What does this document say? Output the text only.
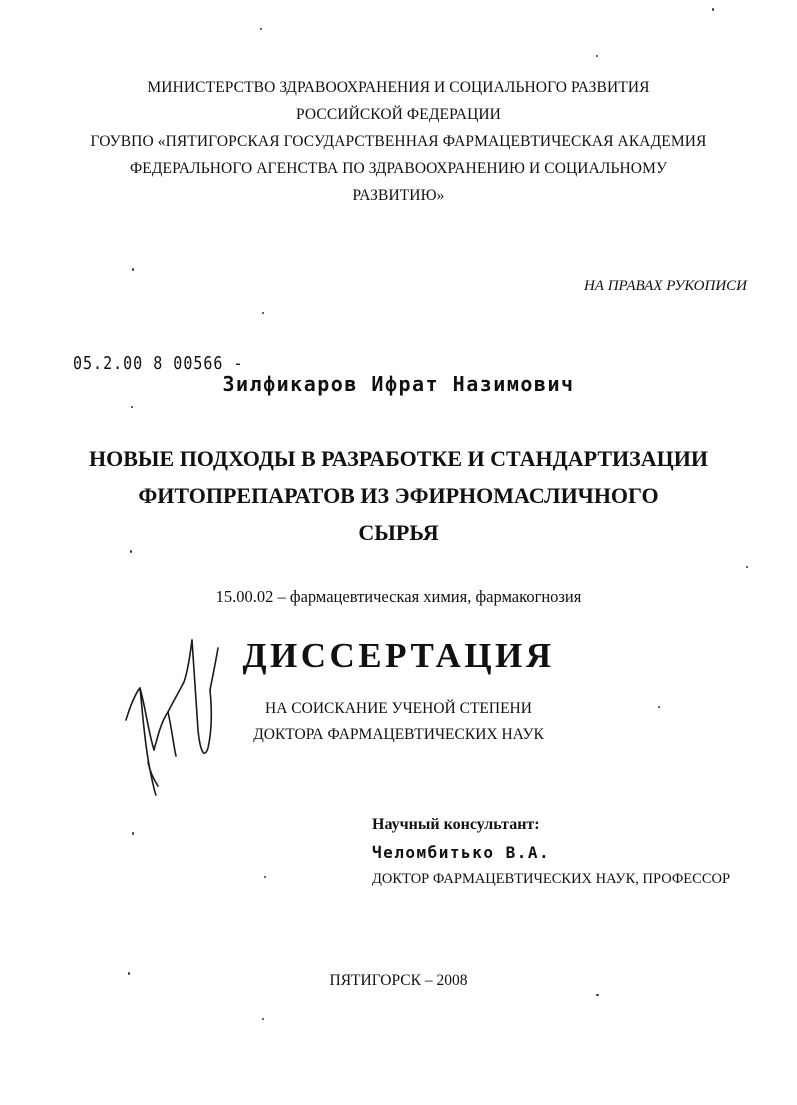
МИНИСТЕРСТВО ЗДРАВООХРАНЕНИЯ И СОЦИАЛЬНОГО РАЗВИТИЯ
РОССИЙСКОЙ ФЕДЕРАЦИИ
ГОУВПО «ПЯТИГОРСКАЯ ГОСУДАРСТВЕННАЯ ФАРМАЦЕВТИЧЕСКАЯ АКАДЕМИЯ
ФЕДЕРАЛЬНОГО АГЕНСТВА ПО ЗДРАВООХРАНЕНИЮ И СОЦИАЛЬНОМУ
РАЗВИТИЮ»
НА ПРАВАХ РУКОПИСИ
05.2.00 8 00566 -
Зилфикаров Ифрат Назимович
НОВЫЕ ПОДХОДЫ В РАЗРАБОТКЕ И СТАНДАРТИЗАЦИИ
ФИТОПРЕПАРАТОВ ИЗ ЭФИРНОМАСЛИЧНОГО
СЫРЬЯ
15.00.02 – фармацевтическая химия, фармакогнозия
ДИССЕРТАЦИЯ
НА СОИСКАНИЕ УЧЕНОЙ СТЕПЕНИ
ДОКТОРА ФАРМАЦЕВТИЧЕСКИХ НАУК
Научный консультант:
Челомбитько В.А.
ДОКТОР ФАРМАЦЕВТИЧЕСКИХ НАУК, ПРОФЕССОР
ПЯТИГОРСК – 2008
